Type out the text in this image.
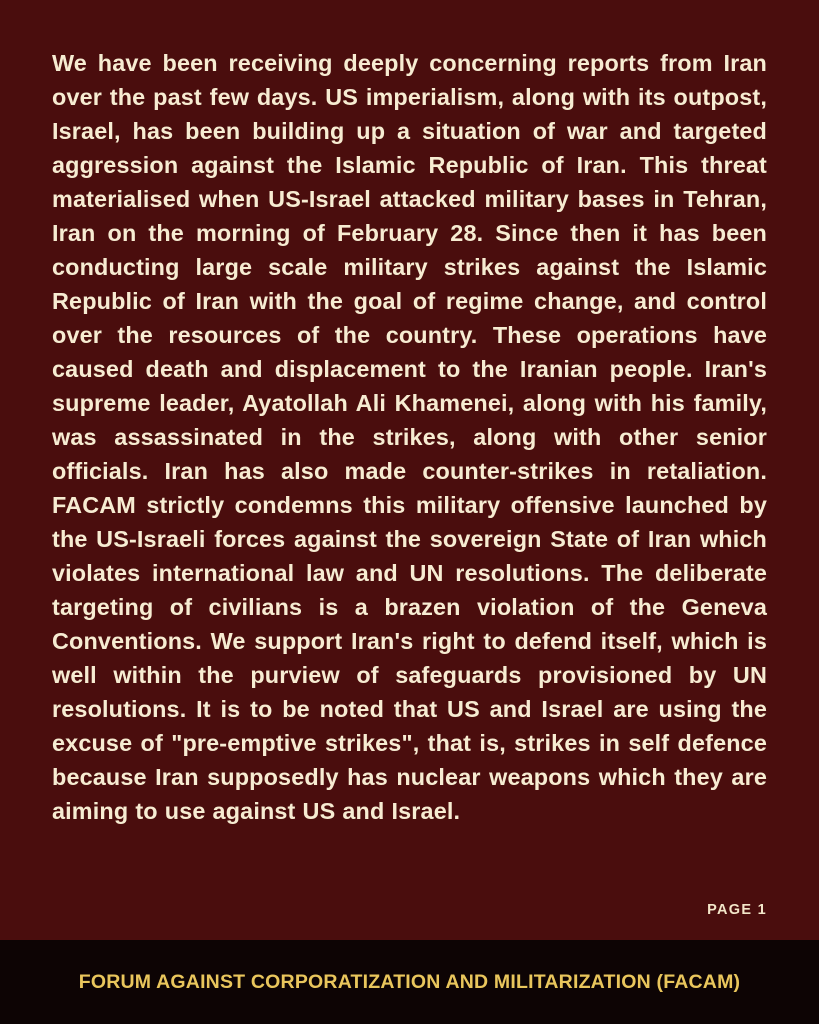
We have been receiving deeply concerning reports from Iran over the past few days. US imperialism, along with its outpost, Israel, has been building up a situation of war and targeted aggression against the Islamic Republic of Iran. This threat materialised when US-Israel attacked military bases in Tehran, Iran on the morning of February 28. Since then it has been conducting large scale military strikes against the Islamic Republic of Iran with the goal of regime change, and control over the resources of the country. These operations have caused death and displacement to the Iranian people. Iran's supreme leader, Ayatollah Ali Khamenei, along with his family, was assassinated in the strikes, along with other senior officials. Iran has also made counter-strikes in retaliation. FACAM strictly condemns this military offensive launched by the US-Israeli forces against the sovereign State of Iran which violates international law and UN resolutions. The deliberate targeting of civilians is a brazen violation of the Geneva Conventions. We support Iran's right to defend itself, which is well within the purview of safeguards provisioned by UN resolutions. It is to be noted that US and Israel are using the excuse of "pre-emptive strikes", that is, strikes in self defence because Iran supposedly has nuclear weapons which they are aiming to use against US and Israel.

PAGE 1
FORUM AGAINST CORPORATIZATION AND MILITARIZATION (FACAM)
